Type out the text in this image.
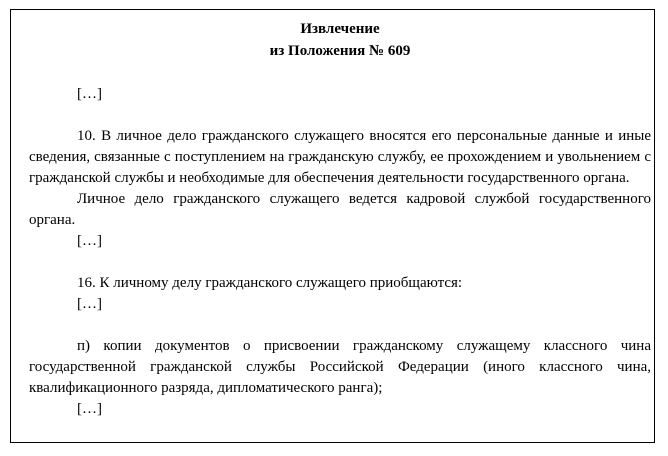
Извлечение
из Положения № 609

[…]

10. В личное дело гражданского служащего вносятся его персональные данные и иные сведения, связанные с поступлением на гражданскую службу, ее прохождением и увольнением с гражданской службы и необходимые для обеспечения деятельности государственного органа.

Личное дело гражданского служащего ведется кадровой службой государственного органа.

[…]

16. К личному делу гражданского служащего приобщаются:

[…]

п) копии документов о присвоении гражданскому служащему классного чина государственной гражданской службы Российской Федерации (иного классного чина, квалификационного разряда, дипломатического ранга);

[…]
